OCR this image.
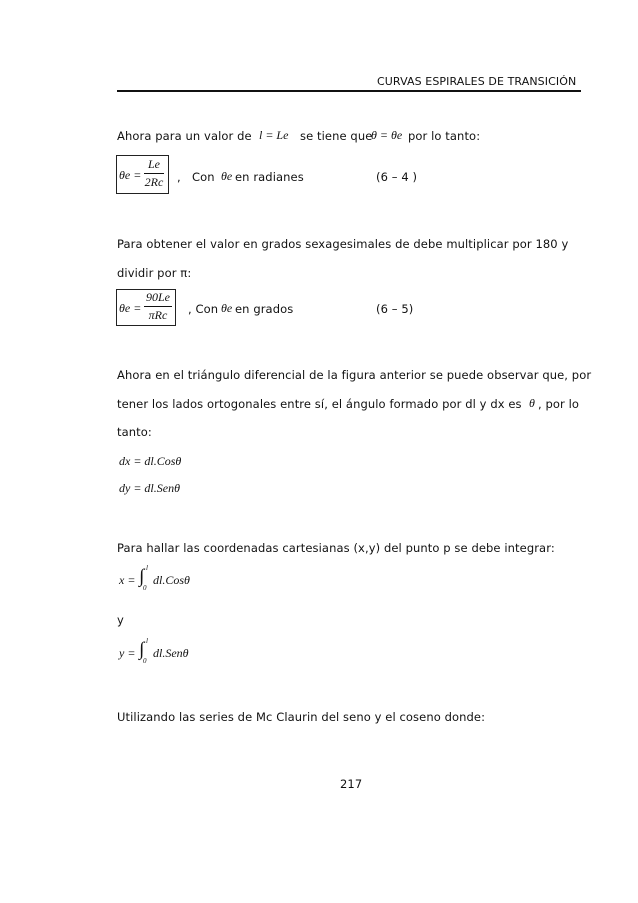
CURVAS ESPIRALES DE TRANSICIÓN
Ahora para un valor de l = Le se tiene que
θ = θe por lo tanto:
θe =
Le
2Rc	, Con θe en radianes	(6 – 4 )
Para obtener el valor en grados sexagesimales de debe multiplicar por 180 y
dividir por π:
θe =
90Le
πRc	, Con θe en grados	(6 – 5)
Ahora en el triángulo diferencial de la figura anterior se puede observar que, por
tener los lados ortogonales entre sí, el ángulo formado por dl y dx es θ , por lo
tanto:
dx = dl.Cosθ
dy = dl.Senθ
Para hallar las coordenadas cartesianas (x,y) del punto p se debe integrar:
x = ∫ l
0
dl.Cosθ
y
y = ∫ l
0
dl.Senθ
Utilizando las series de Mc Claurin del seno y el coseno donde:
217
